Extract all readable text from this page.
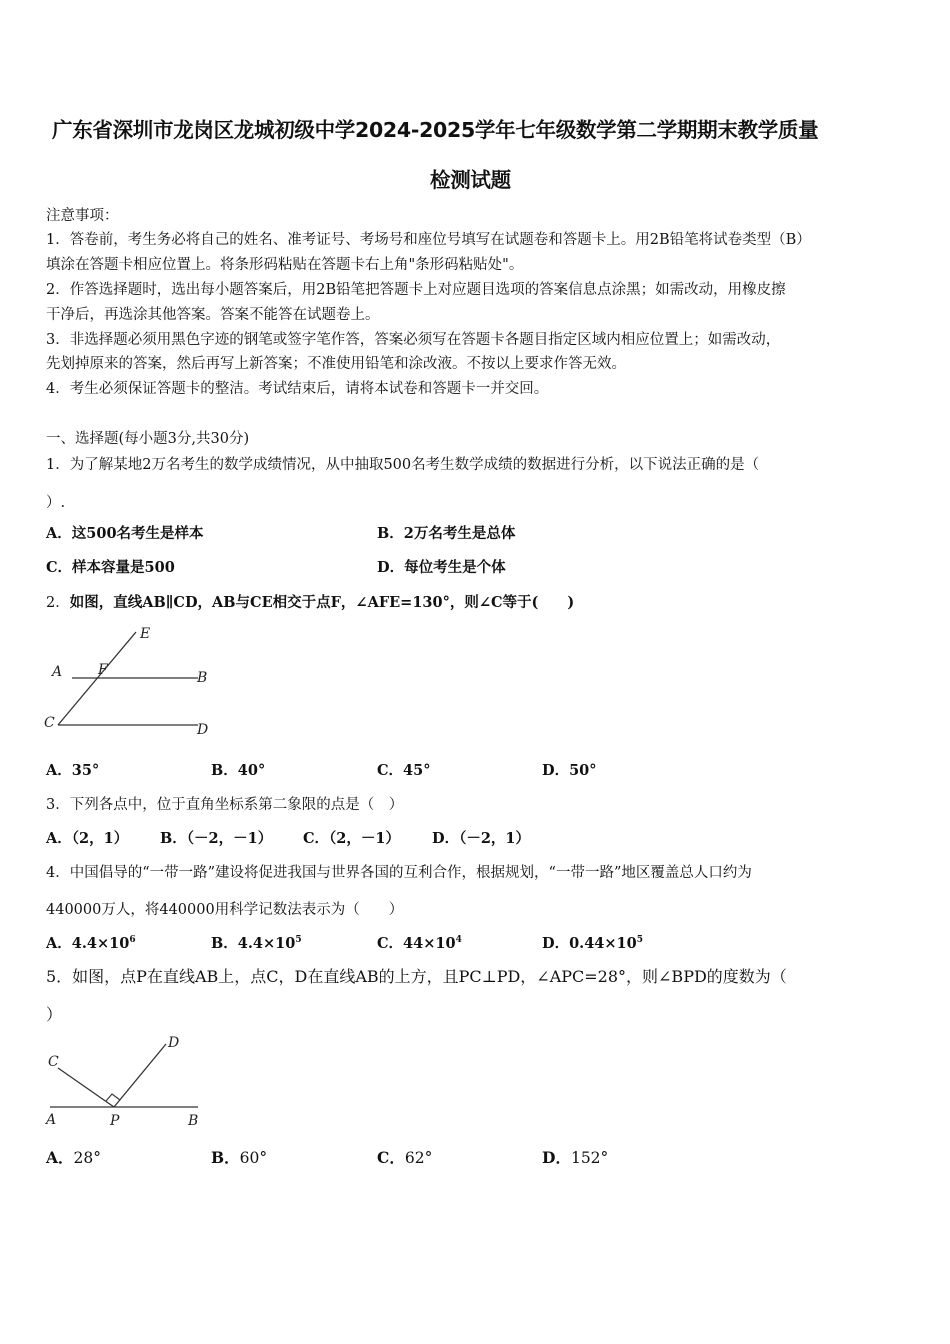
广东省深圳市龙岗区龙城初级中学2024-2025学年七年级数学第二学期期末教学质量
检测试题
注意事项：
1．答卷前，考生务必将自己的姓名、准考证号、考场号和座位号填写在试题卷和答题卡上。用2B铅笔将试卷类型（B）
填涂在答题卡相应位置上。将条形码粘贴在答题卡右上角"条形码粘贴处"。
2．作答选择题时，选出每小题答案后，用2B铅笔把答题卡上对应题目选项的答案信息点涂黑；如需改动，用橡皮擦
干净后，再选涂其他答案。答案不能答在试题卷上。
3．非选择题必须用黑色字迹的钢笔或签字笔作答，答案必须写在答题卡各题目指定区域内相应位置上；如需改动，
先划掉原来的答案，然后再写上新答案；不准使用铅笔和涂改液。不按以上要求作答无效。
4．考生必须保证答题卡的整洁。考试结束后，请将本试卷和答题卡一并交回。
一、选择题(每小题3分,共30分)
1．为了解某地2万名考生的数学成绩情况，从中抽取500名考生数学成绩的数据进行分析，以下说法正确的是（
）.
A．这500名考生是样本	B．2万名考生是总体
C．样本容量是500	D．每位考生是个体
2．如图，直线AB∥CD，AB与CE相交于点F，∠AFE=130°，则∠C等于(　　)
E
A	F	B
C	D
A．35°	B．40°	C．45°	D．50°
3．下列各点中，位于直角坐标系第二象限的点是（　）
A．（2，1） B．（－2，－1） C．（2，－1） D．（－2，1）
4．中国倡导的“一带一路”建设将促进我国与世界各国的互利合作，根据规划，“一带一路”地区覆盖总人口约为
440000万人，将440000用科学记数法表示为（　　）
A．$4.4\times 10^6$	B．$4.4\times 10^5$	C．$44\times 10^4$	D．$0.44\times 10^5$
5．如图，点P在直线AB上，点C，D在直线AB的上方，且PC⊥PD，∠APC=28°，则∠BPD的度数为（
）
C
D
A	P	B
A．28°	B．60°	C．62°	D．152°
